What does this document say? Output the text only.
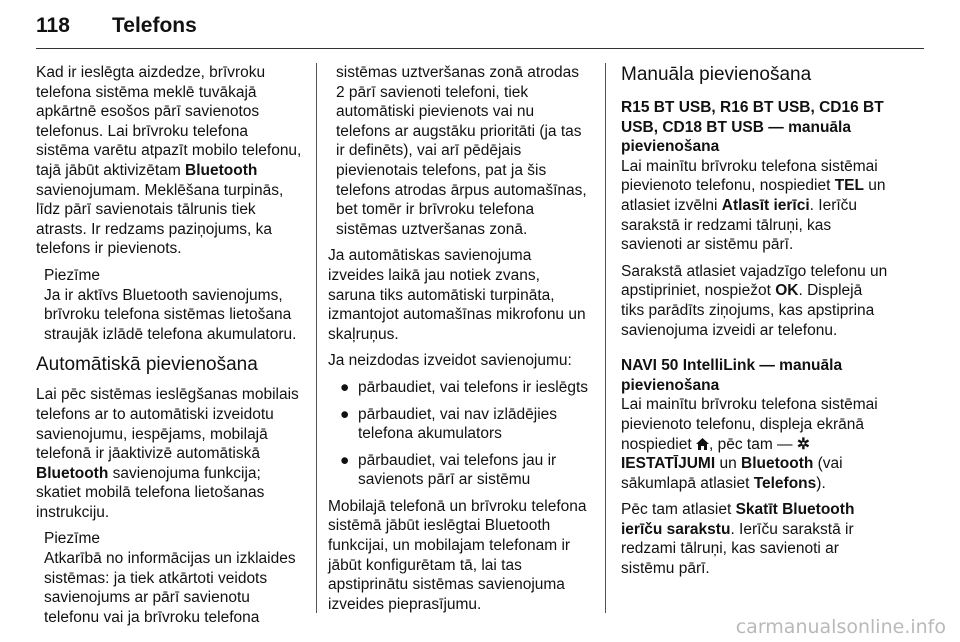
118 Telefons

Kad ir ieslēgta aizdedze, brīvroku telefona sistēma meklē tuvākajā apkārtnē esošos pārī savienotos telefonus. Lai brīvroku telefona sistēma varētu atpazīt mobilo telefonu, tajā jābūt aktivizētam Bluetooth savienojumam. Meklēšana turpinās, līdz pārī savienotais tālrunis tiek atrasts. Ir redzams paziņojums, ka telefons ir pievienots.

Piezīme
Ja ir aktīvs Bluetooth savienojums, brīvroku telefona sistēmas lietošana straujāk izlādē telefona akumulatoru.
Automātiskā pievienošana

Lai pēc sistēmas ieslēgšanas mobilais telefons ar to automātiski izveidotu savienojumu, iespējams, mobilajā telefonā ir jāaktivizē automātiskā Bluetooth savienojuma funkcija; skatiet mobilā telefona lietošanas instrukciju.

Piezīme
Atkarībā no informācijas un izklaides sistēmas: ja tiek atkārtoti veidots savienojums ar pārī savienotu telefonu vai ja brīvroku telefona

sistēmas uztveršanas zonā atrodas 2 pārī savienoti telefoni, tiek automātiski pievienots vai nu telefons ar augstāku prioritāti (ja tas ir definēts), vai arī pēdējais pievienotais telefons, pat ja šis telefons atrodas ārpus automašīnas, bet tomēr ir brīvroku telefona sistēmas uztveršanas zonā.

Ja automātiskas savienojuma izveides laikā jau notiek zvans, saruna tiks automātiski turpināta, izmantojot automašīnas mikrofonu un skaļruņus.

Ja neizdodas izveidot savienojumu:

● pārbaudiet, vai telefons ir ieslēgts
● pārbaudiet, vai nav izlādējies telefona akumulators
● pārbaudiet, vai telefons jau ir savienots pārī ar sistēmu

Mobilajā telefonā un brīvroku telefona sistēmā jābūt ieslēgtai Bluetooth funkcijai, un mobilajam telefonam ir jābūt konfigurētam tā, lai tas apstiprinātu sistēmas savienojuma izveides pieprasījumu.

Manuāla pievienošana
R15 BT USB, R16 BT USB, CD16 BT USB, CD18 BT USB — manuāla pievienošana

Lai mainītu brīvroku telefona sistēmai pievienoto telefonu, nospiediet TEL un atlasiet izvēlni Atlasīt ierīci. Ierīču sarakstā ir redzami tālruņi, kas savienoti ar sistēmu pārī.

Sarakstā atlasiet vajadzīgo telefonu un apstipriniet, nospiežot OK. Displejā tiks parādīts ziņojums, kas apstiprina savienojuma izveidi ar telefonu.

NAVI 50 IntelliLink — manuāla pievienošana

Lai mainītu brīvroku telefona sistēmai pievienoto telefonu, displeja ekrānā nospiediet , pēc tam — ✲IESTATĪJUMI un Bluetooth (vai sākumlapā atlasiet Telefons).

Pēc tam atlasiet Skatīt Bluetooth ierīču sarakstu. Ierīču sarakstā ir redzami tālruņi, kas savienoti ar sistēmu pārī.

carmanualsonline.info
